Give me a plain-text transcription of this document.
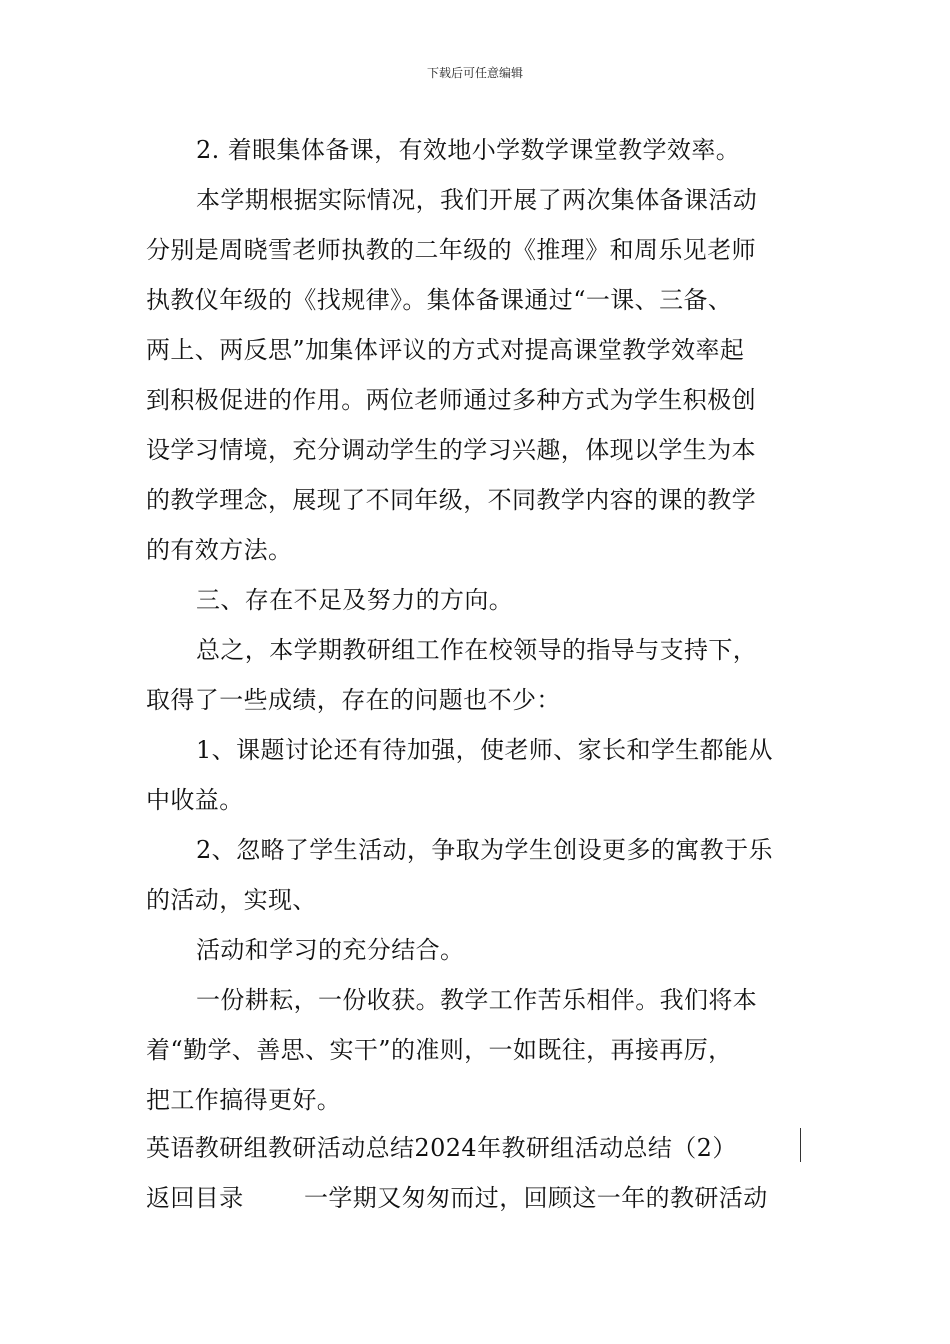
下载后可任意编辑
2. 着眼集体备课，有效地小学数学课堂教学效率。
本学期根据实际情况，我们开展了两次集体备课活动
分别是周晓雪老师执教的二年级的《推理》和周乐见老师
执教仪年级的《找规律》。集体备课通过“一课、三备、
两上、两反思”加集体评议的方式对提高课堂教学效率起
到积极促进的作用。两位老师通过多种方式为学生积极创
设学习情境，充分调动学生的学习兴趣，体现以学生为本
的教学理念，展现了不同年级，不同教学内容的课的教学
的有效方法。
三、存在不足及努力的方向。
总之，本学期教研组工作在校领导的指导与支持下，
取得了一些成绩，存在的问题也不少：
1、课题讨论还有待加强，使老师、家长和学生都能从
中收益。
2、忽略了学生活动，争取为学生创设更多的寓教于乐
的活动，实现、
活动和学习的充分结合。
一份耕耘，一份收获。教学工作苦乐相伴。我们将本
着“勤学、善思、实干”的准则，一如既往，再接再厉，
把工作搞得更好。
英语教研组教研活动总结2024年教研组活动总结（2）
返回目录	一学期又匆匆而过，回顾这一年的教研活动
